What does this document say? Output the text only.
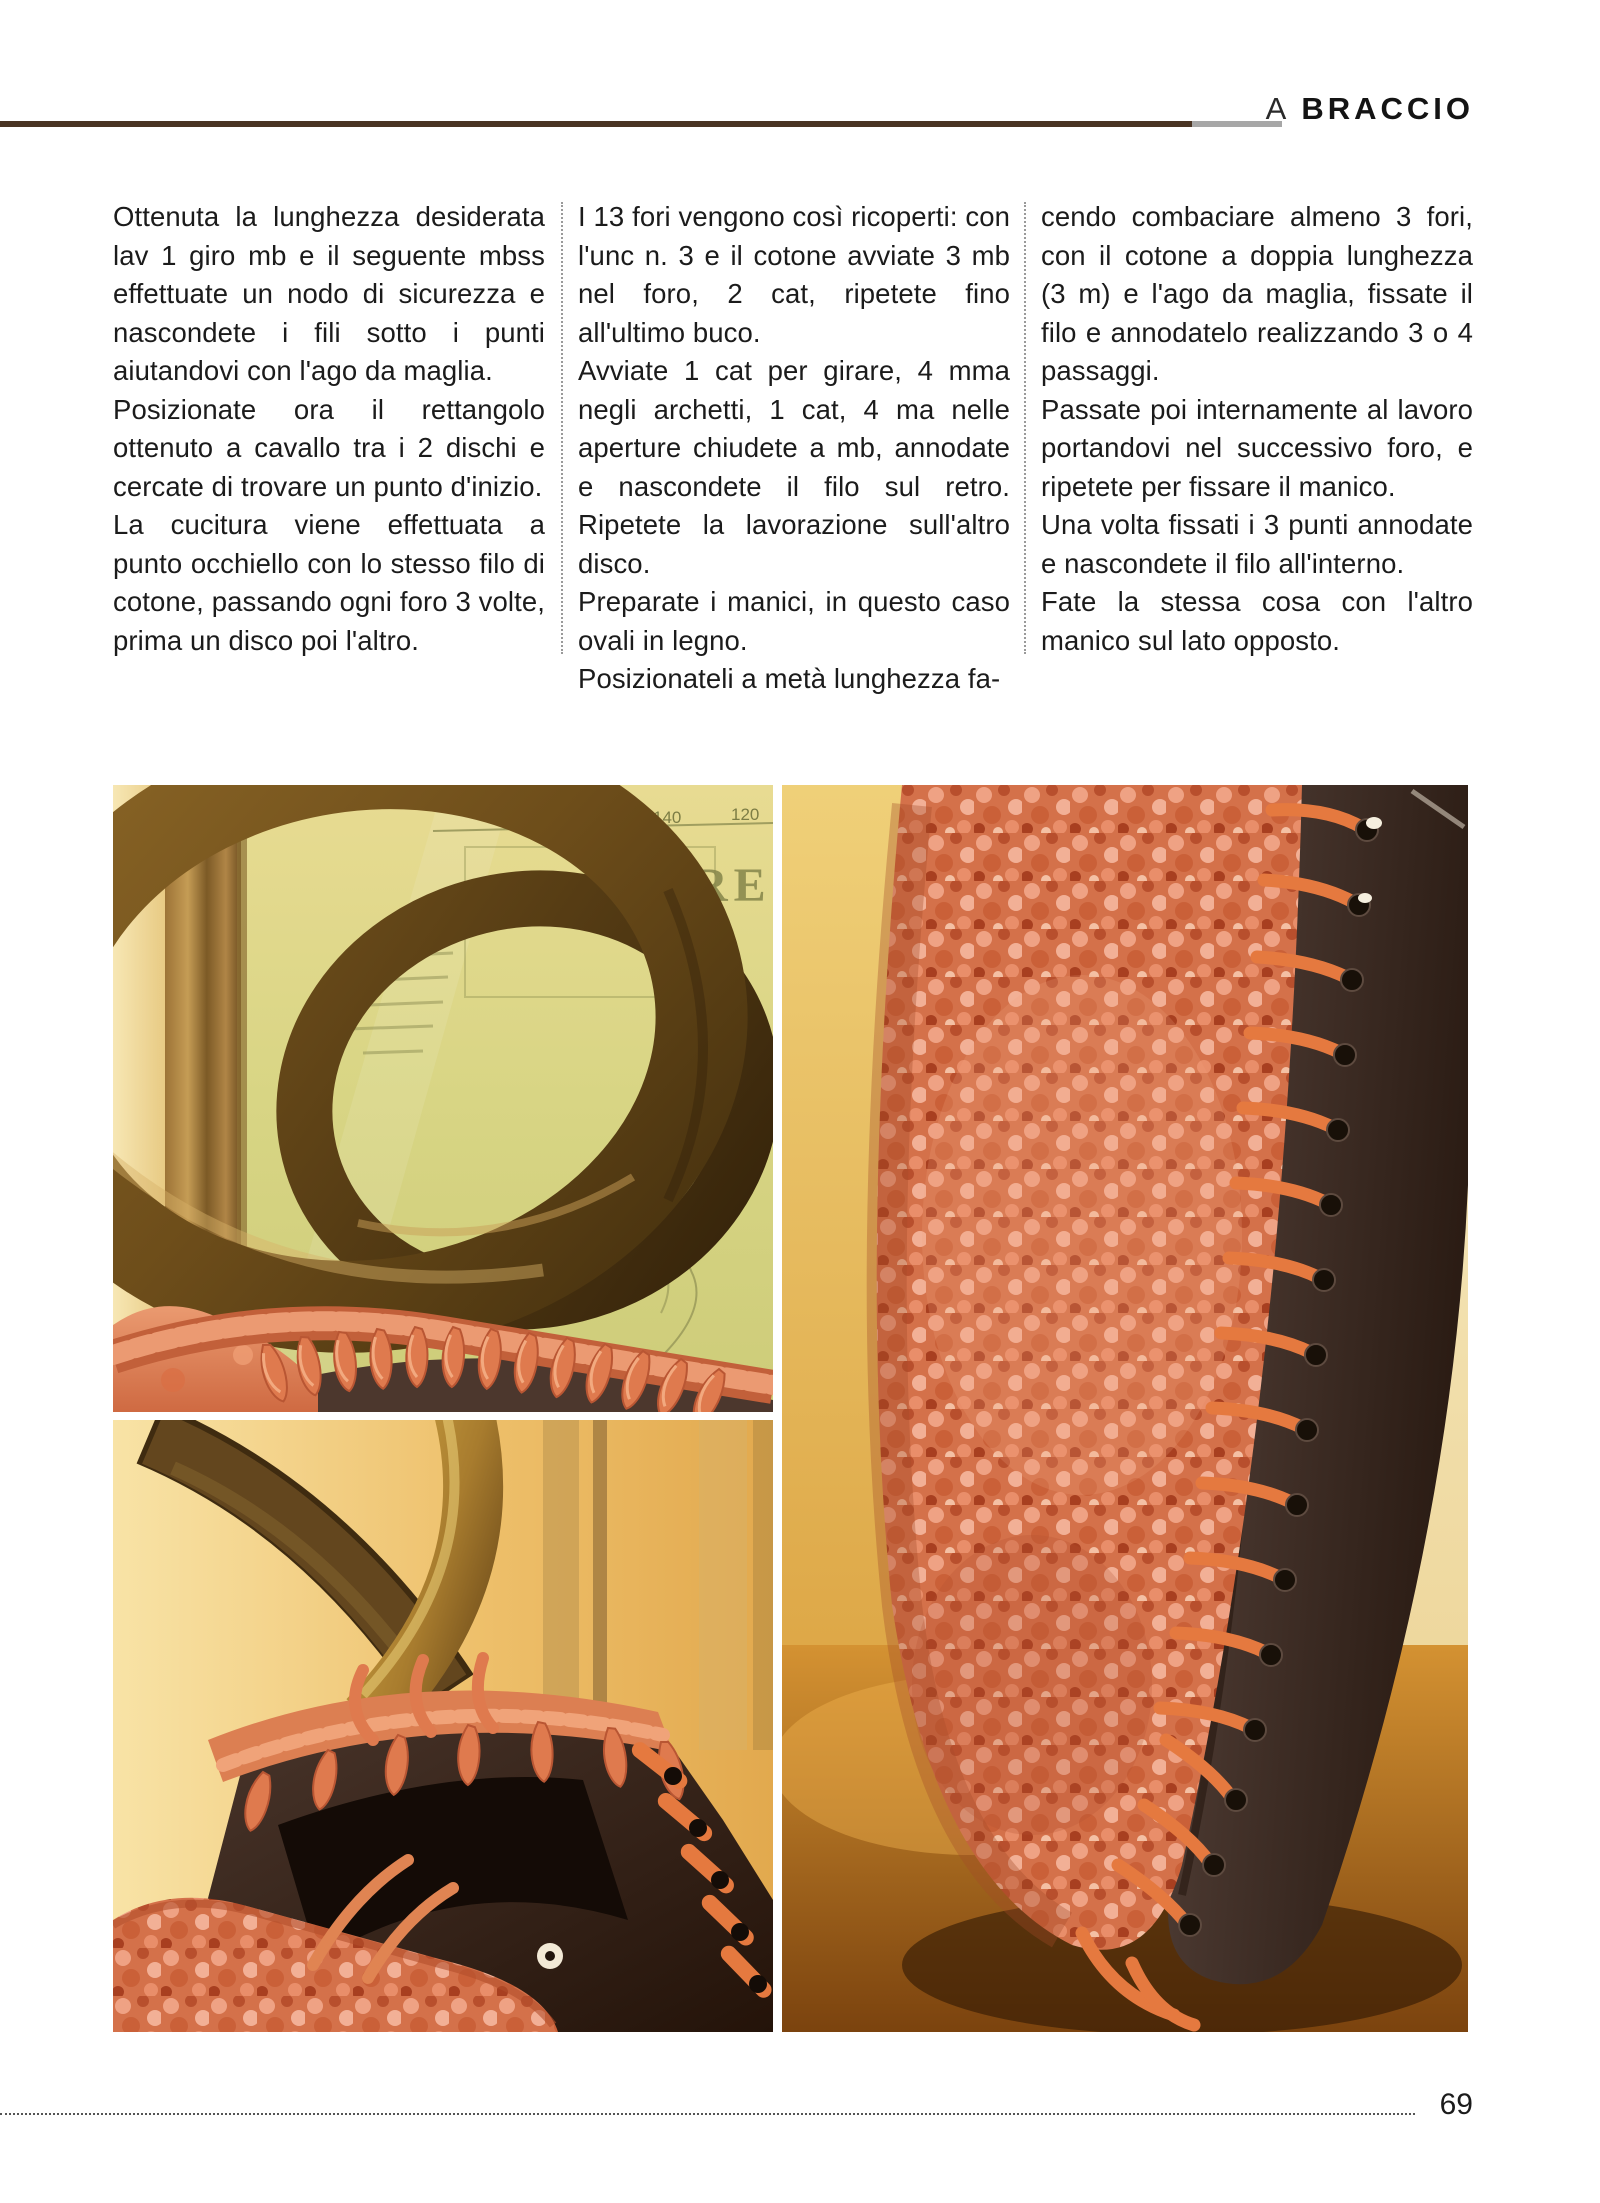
A BRACCIO

Ottenuta la lunghezza desiderata lav 1 giro mb e il seguente mbss effettuate un nodo di sicurezza e nascondete i fili sotto i punti aiutandovi con l'ago da maglia.

Posizionate ora il rettangolo ottenuto a cavallo tra i 2 dischi e cercate di trovare un punto d'inizio.

La cucitura viene effettuata a punto occhiello con lo stesso filo di cotone, passando ogni foro 3 volte, prima un disco poi l'altro.

I 13 fori vengono così ricoperti: con l'unc n. 3 e il cotone avviate 3 mb nel foro, 2 cat, ripetete fino all'ultimo buco.

Avviate 1 cat per girare, 4 mma negli archetti, 1 cat, 4 ma nelle aperture chiudete a mb, annodate e nascondete il filo sul retro. Ripetete la lavorazione sull'altro disco.

Preparate i manici, in questo caso ovali in legno.

Posizionateli a metà lunghezza fa-

cendo combaciare almeno 3 fori, con il cotone a doppia lunghezza (3 m) e l'ago da maglia, fissate il filo e annodatelo realizzando 3 o 4 passaggi.

Passate poi internamente al lavoro portandovi nel successivo foro, e ripetete per fissare il manico.

Una volta fissati i 3 punti annodate e nascondete il filo all'interno.

Fate la stessa cosa con l'altro manico sul lato opposto.

140	120
RE
69
